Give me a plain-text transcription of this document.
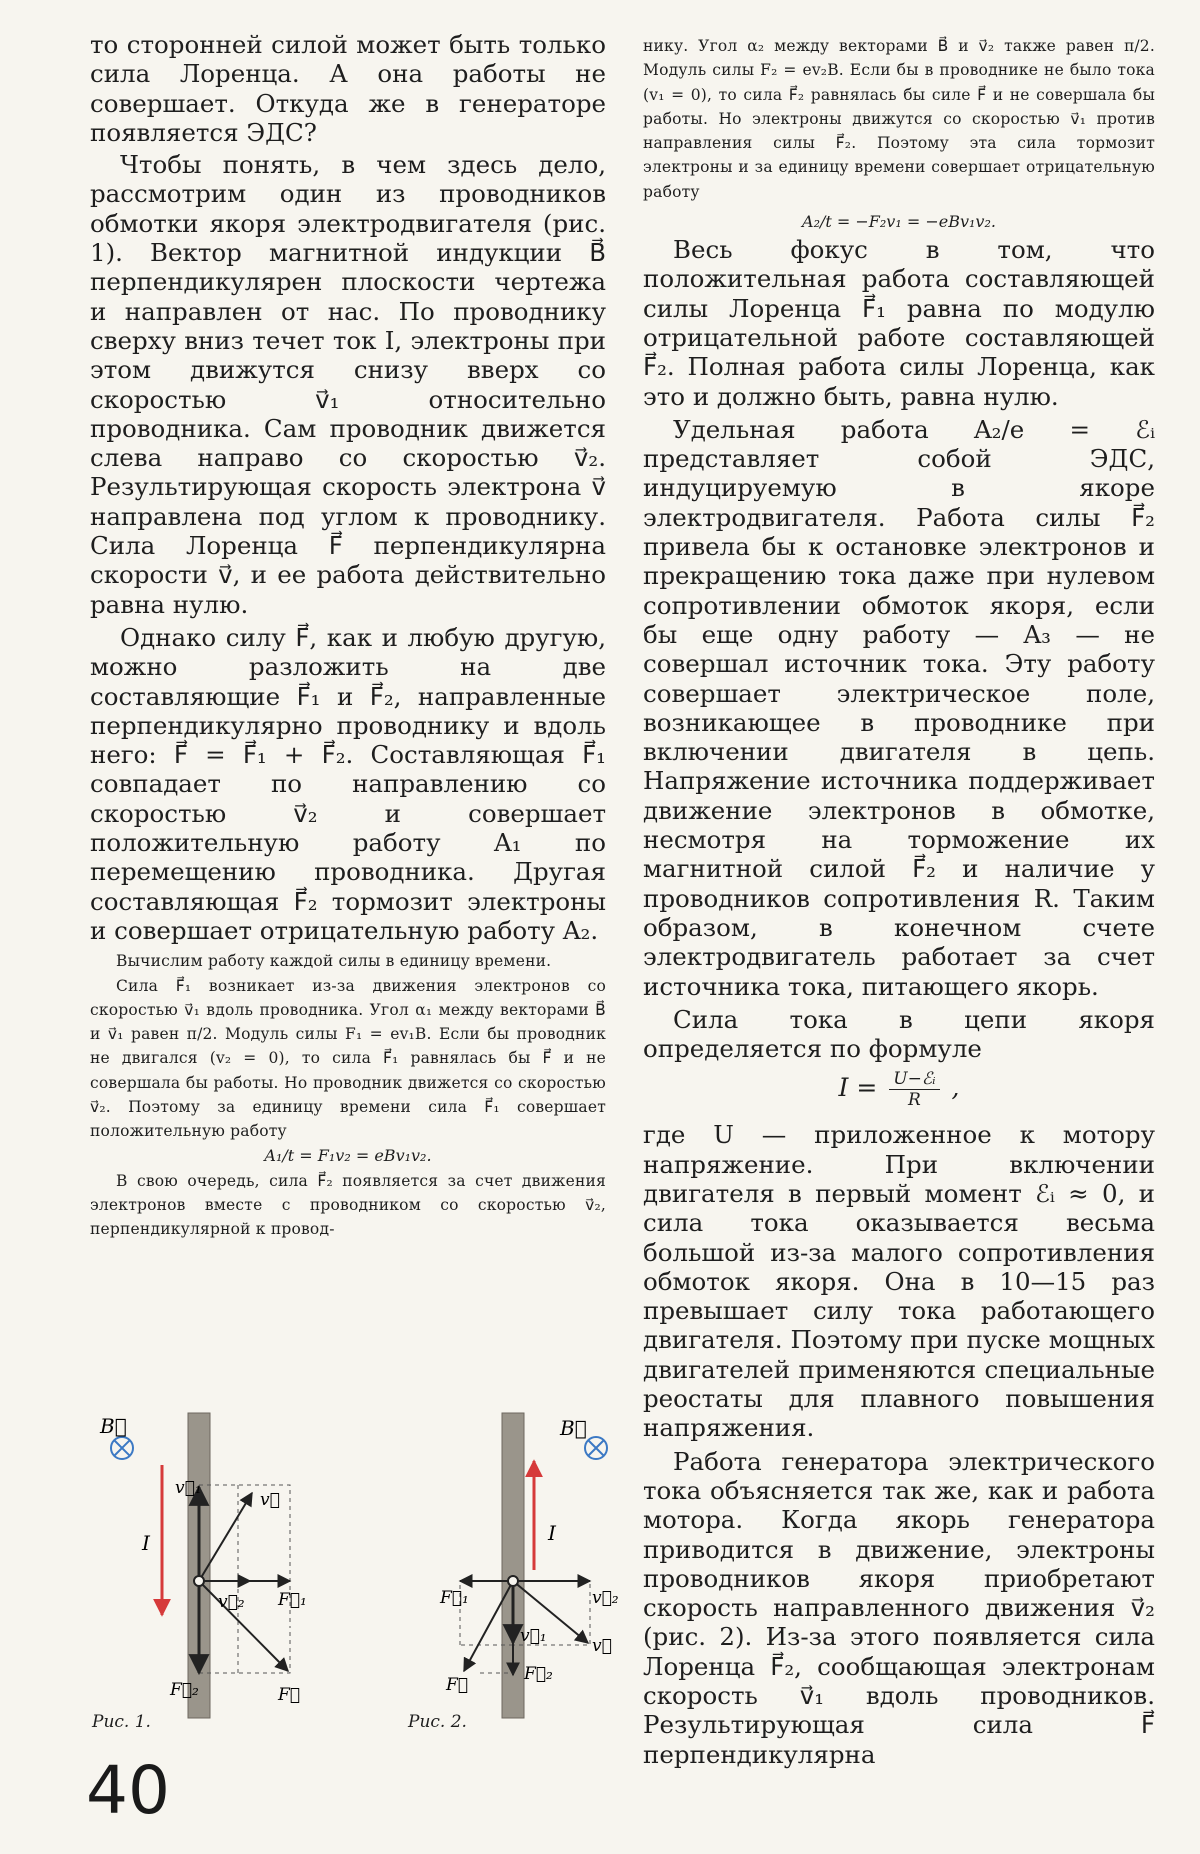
то сторонней силой может быть только сила Лоренца. А она работы не совершает. Откуда же в генераторе появляется ЭДС?

Чтобы понять, в чем здесь дело, рассмотрим один из проводников обмотки якоря электродвигателя (рис. 1). Вектор магнитной индукции B⃗ перпендикулярен плоскости чертежа и направлен от нас. По проводнику сверху вниз течет ток I, электроны при этом движутся снизу вверх со скоростью v⃗₁ относительно проводника. Сам проводник движется слева направо со скоростью v⃗₂. Результирующая скорость электрона v⃗ направлена под углом к проводнику. Сила Лоренца F⃗ перпендикулярна скорости v⃗, и ее работа действительно равна нулю.

Однако силу F⃗, как и любую другую, можно разложить на две составляющие F⃗₁ и F⃗₂, направленные перпендикулярно проводнику и вдоль него: F⃗ = F⃗₁ + F⃗₂. Составляющая F⃗₁ совпадает по направлению со скоростью v⃗₂ и совершает положительную работу A₁ по перемещению проводника. Другая составляющая F⃗₂ тормозит электроны и совершает отрицательную работу A₂.

Вычислим работу каждой силы в единицу времени.

Сила F⃗₁ возникает из-за движения электронов со скоростью v⃗₁ вдоль проводника. Угол α₁ между векторами B⃗ и v⃗₁ равен π/2. Модуль силы F₁ = ev₁B. Если бы проводник не двигался (v₂ = 0), то сила F⃗₁ равнялась бы F⃗ и не совершала бы работы. Но проводник движется со скоростью v⃗₂. Поэтому за единицу времени сила F⃗₁ совершает положительную работу

A₁/t = F₁v₂ = eBv₁v₂.

В свою очередь, сила F⃗₂ появляется за счет движения электронов вместе с проводником со скоростью v⃗₂, перпендикулярной к провод-

нику. Угол α₂ между векторами B⃗ и v⃗₂ также равен π/2. Модуль силы F₂ = ev₂B. Если бы в проводнике не было тока (v₁ = 0), то сила F⃗₂ равнялась бы силе F⃗ и не совершала бы работы. Но электроны движутся со скоростью v⃗₁ против направления силы F⃗₂. Поэтому эта сила тормозит электроны и за единицу времени совершает отрицательную работу

A₂/t = −F₂v₁ = −eBv₁v₂.

Весь фокус в том, что положительная работа составляющей силы Лоренца F⃗₁ равна по модулю отрицательной работе составляющей F⃗₂. Полная работа силы Лоренца, как это и должно быть, равна нулю.

Удельная работа A₂/e = ℰᵢ представляет собой ЭДС, индуцируемую в якоре электродвигателя. Работа силы F⃗₂ привела бы к остановке электронов и прекращению тока даже при нулевом сопротивлении обмоток якоря, если бы еще одну работу — A₃ — не совершал источник тока. Эту работу совершает электрическое поле, возникающее в проводнике при включении двигателя в цепь. Напряжение источника поддерживает движение электронов в обмотке, несмотря на торможение их магнитной силой F⃗₂ и наличие у проводников сопротивления R. Таким образом, в конечном счете электродвигатель работает за счет источника тока, питающего якорь.

Сила тока в цепи якоря определяется по формуле

$I = \frac{\text{U−ℰᵢ}}{R}$ ,

где U — приложенное к мотору напряжение. При включении двигателя в первый момент ℰᵢ ≈ 0, и сила тока оказывается весьма большой из-за малого сопротивления обмоток якоря. Она в 10—15 раз превышает силу тока работающего двигателя. Поэтому при пуске мощных двигателей применяются специальные реостаты для плавного повышения напряжения.

Работа генератора электрического тока объясняется так же, как и работа мотора. Когда якорь генератора приводится в движение, электроны проводников якоря приобретают скорость направленного движения v⃗₂ (рис. 2). Из-за этого появляется сила Лоренца F⃗₂, сообщающая электронам скорость v⃗₁ вдоль проводников. Результирующая сила F⃗ перпендикулярна

B⃗
I
v⃗₁
v⃗
v⃗₂ F⃗₁
F⃗₂	F⃗
Рис. 1.
B⃗
I
F⃗₁	v⃗₂
v⃗
v⃗₁
F⃗₂
F⃗
Рис. 2.
40
